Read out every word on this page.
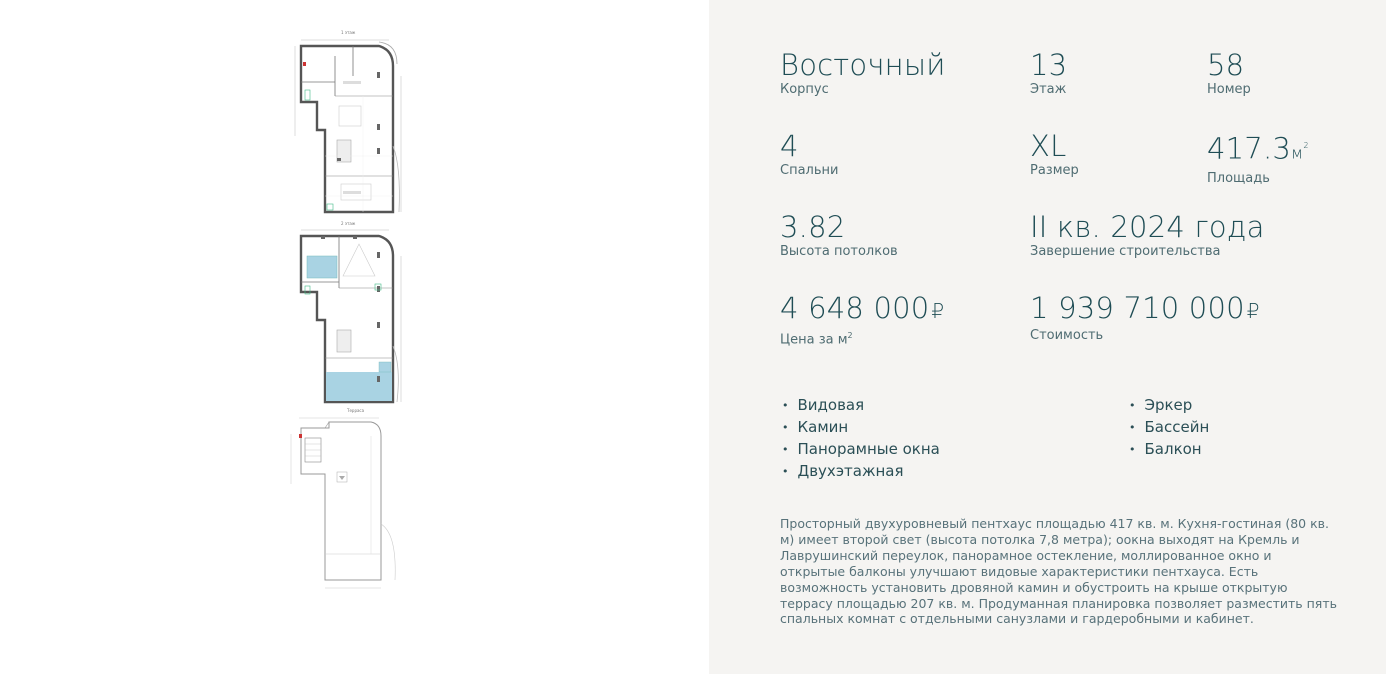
1 этаж
2 этаж
Терраса
Восточный
Корпус
13
Этаж
58
Номер
4
Спальни
XL
Размер
$417.3м^2$
Площадь
3.82
Высота потолков
II кв. 2024 года
Завершение строительства
4 648 000 ₽
Цена за $м^2$
1 939 710 000 ₽
Стоимость
• Видовая
• Камин
• Панорамные окна
• Двухэтажная
• Эркер
• Бассейн
• Балкон

Просторный двухуровневый пентхаус площадью 417 кв. м. Кухня-гостиная (80 кв. м) имеет второй свет (высота потолка 7,8 метра); оокна выходят на Кремль и Лаврушинский переулок, панорамное остекление, моллированное окно и открытые балконы улучшают видовые характеристики пентхауса. Есть возможность установить дровяной камин и обустроить на крыше открытую террасу площадью 207 кв. м. Продуманная планировка позволяет разместить пять спальных комнат с отдельными санузлами и гардеробными и кабинет.
